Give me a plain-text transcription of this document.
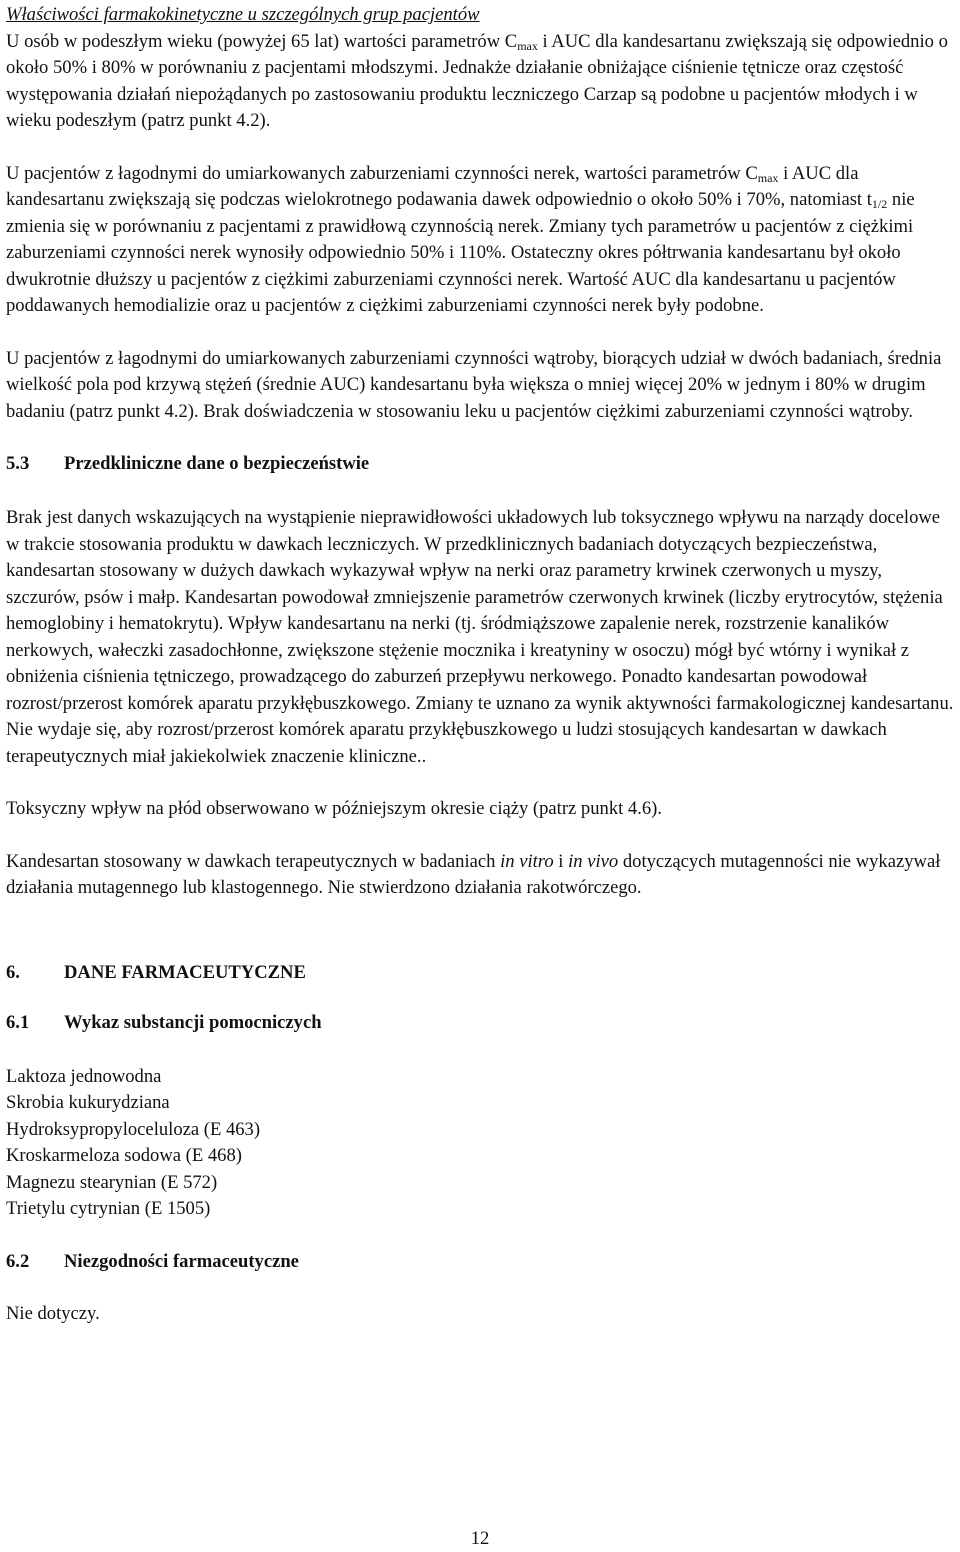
Właściwości farmakokinetyczne u szczególnych grup pacjentów

U osób w podeszłym wieku (powyżej 65 lat) wartości parametrów $C_{max}$ i AUC dla kandesartanu zwiększają się odpowiednio o około 50% i 80% w porównaniu z pacjentami młodszymi. Jednakże działanie obniżające ciśnienie tętnicze oraz częstość występowania działań niepożądanych po zastosowaniu produktu leczniczego Carzap są podobne u pacjentów młodych i w wieku podeszłym (patrz punkt 4.2).

U pacjentów z łagodnymi do umiarkowanych zaburzeniami czynności nerek, wartości parametrów $C_{max}$ i AUC dla kandesartanu zwiększają się podczas wielokrotnego podawania dawek odpowiednio o około 50% i 70%, natomiast $t_{1/2}$ nie zmienia się w porównaniu z pacjentami z prawidłową czynnością nerek. Zmiany tych parametrów u pacjentów z ciężkimi zaburzeniami czynności nerek wynosiły odpowiednio 50% i 110%. Ostateczny okres półtrwania kandesartanu był około dwukrotnie dłuższy u pacjentów z ciężkimi zaburzeniami czynności nerek. Wartość AUC dla kandesartanu u pacjentów poddawanych hemodializie oraz u pacjentów z ciężkimi zaburzeniami czynności nerek były podobne.

U pacjentów z łagodnymi do umiarkowanych zaburzeniami czynności wątroby, biorących udział w dwóch badaniach, średnia wielkość pola pod krzywą stężeń (średnie AUC) kandesartanu była większa o mniej więcej 20% w jednym i 80% w drugim badaniu (patrz punkt 4.2). Brak doświadczenia w stosowaniu leku u pacjentów ciężkimi zaburzeniami czynności wątroby.

5.3	Przedkliniczne dane o bezpieczeństwie

Brak jest danych wskazujących na wystąpienie nieprawidłowości układowych lub toksycznego wpływu na narządy docelowe w trakcie stosowania produktu w dawkach leczniczych. W przedklinicznych badaniach dotyczących bezpieczeństwa, kandesartan stosowany w dużych dawkach wykazywał wpływ na nerki oraz parametry krwinek czerwonych u myszy, szczurów, psów i małp. Kandesartan powodował zmniejszenie parametrów czerwonych krwinek (liczby erytrocytów, stężenia hemoglobiny i hematokrytu). Wpływ kandesartanu na nerki (tj. śródmiąższowe zapalenie nerek, rozstrzenie kanalików nerkowych, wałeczki zasadochłonne, zwiększone stężenie mocznika i kreatyniny w osoczu) mógł być wtórny i wynikał z obniżenia ciśnienia tętniczego, prowadzącego do zaburzeń przepływu nerkowego. Ponadto kandesartan powodował rozrost/przerost komórek aparatu przykłębuszkowego. Zmiany te uznano za wynik aktywności farmakologicznej kandesartanu. Nie wydaje się, aby rozrost/przerost komórek aparatu przykłębuszkowego u ludzi stosujących kandesartan w dawkach terapeutycznych miał jakiekolwiek znaczenie kliniczne..

Toksyczny wpływ na płód obserwowano w późniejszym okresie ciąży (patrz punkt 4.6).

Kandesartan stosowany w dawkach terapeutycznych w badaniach in vitro i in vivo dotyczących mutagenności nie wykazywał działania mutagennego lub klastogennego. Nie stwierdzono działania rakotwórczego.

6.	DANE FARMACEUTYCZNE
6.1	Wykaz substancji pomocniczych

Laktoza jednowodna

Skrobia kukurydziana

Hydroksypropyloceluloza (E 463)

Kroskarmeloza sodowa (E 468)

Magnezu stearynian (E 572)

Trietylu cytrynian (E 1505)

6.2	Niezgodności farmaceutyczne

Nie dotyczy.

12
